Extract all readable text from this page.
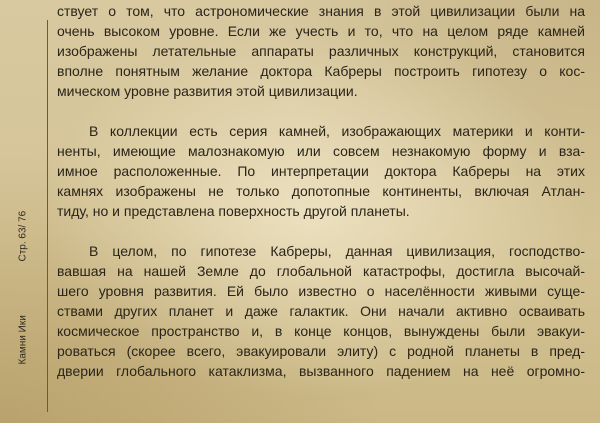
Стр. 63/ 76
Камни Ики
ствует о том, что астрономические знания в этой цивилизации были на
очень высоком уровне. Если же учесть и то, что на целом ряде камней
изображены летательные аппараты различных конструкций, становится
вполне понятным желание доктора Кабреры построить гипотезу о кос-
мическом уровне развития этой цивилизации.
В коллекции есть серия камней, изображающих материки и конти-
ненты, имеющие малознакомую или совсем незнакомую форму и вза-
имное расположенные. По интерпретации доктора Кабреры на этих
камнях изображены не только допотопные континенты, включая Атлан-
тиду, но и представлена поверхность другой планеты.
В целом, по гипотезе Кабреры, данная цивилизация, господство-
вавшая на нашей Земле до глобальной катастрофы, достигла высочай-
шего уровня развития. Ей было известно о населённости живыми суще-
ствами других планет и даже галактик. Они начали активно осваивать
космическое пространство и, в конце концов, вынуждены были эвакуи-
роваться (скорее всего, эвакуировали элиту) с родной планеты в пред-
дверии глобального катаклизма, вызванного падением на неё огромно-
